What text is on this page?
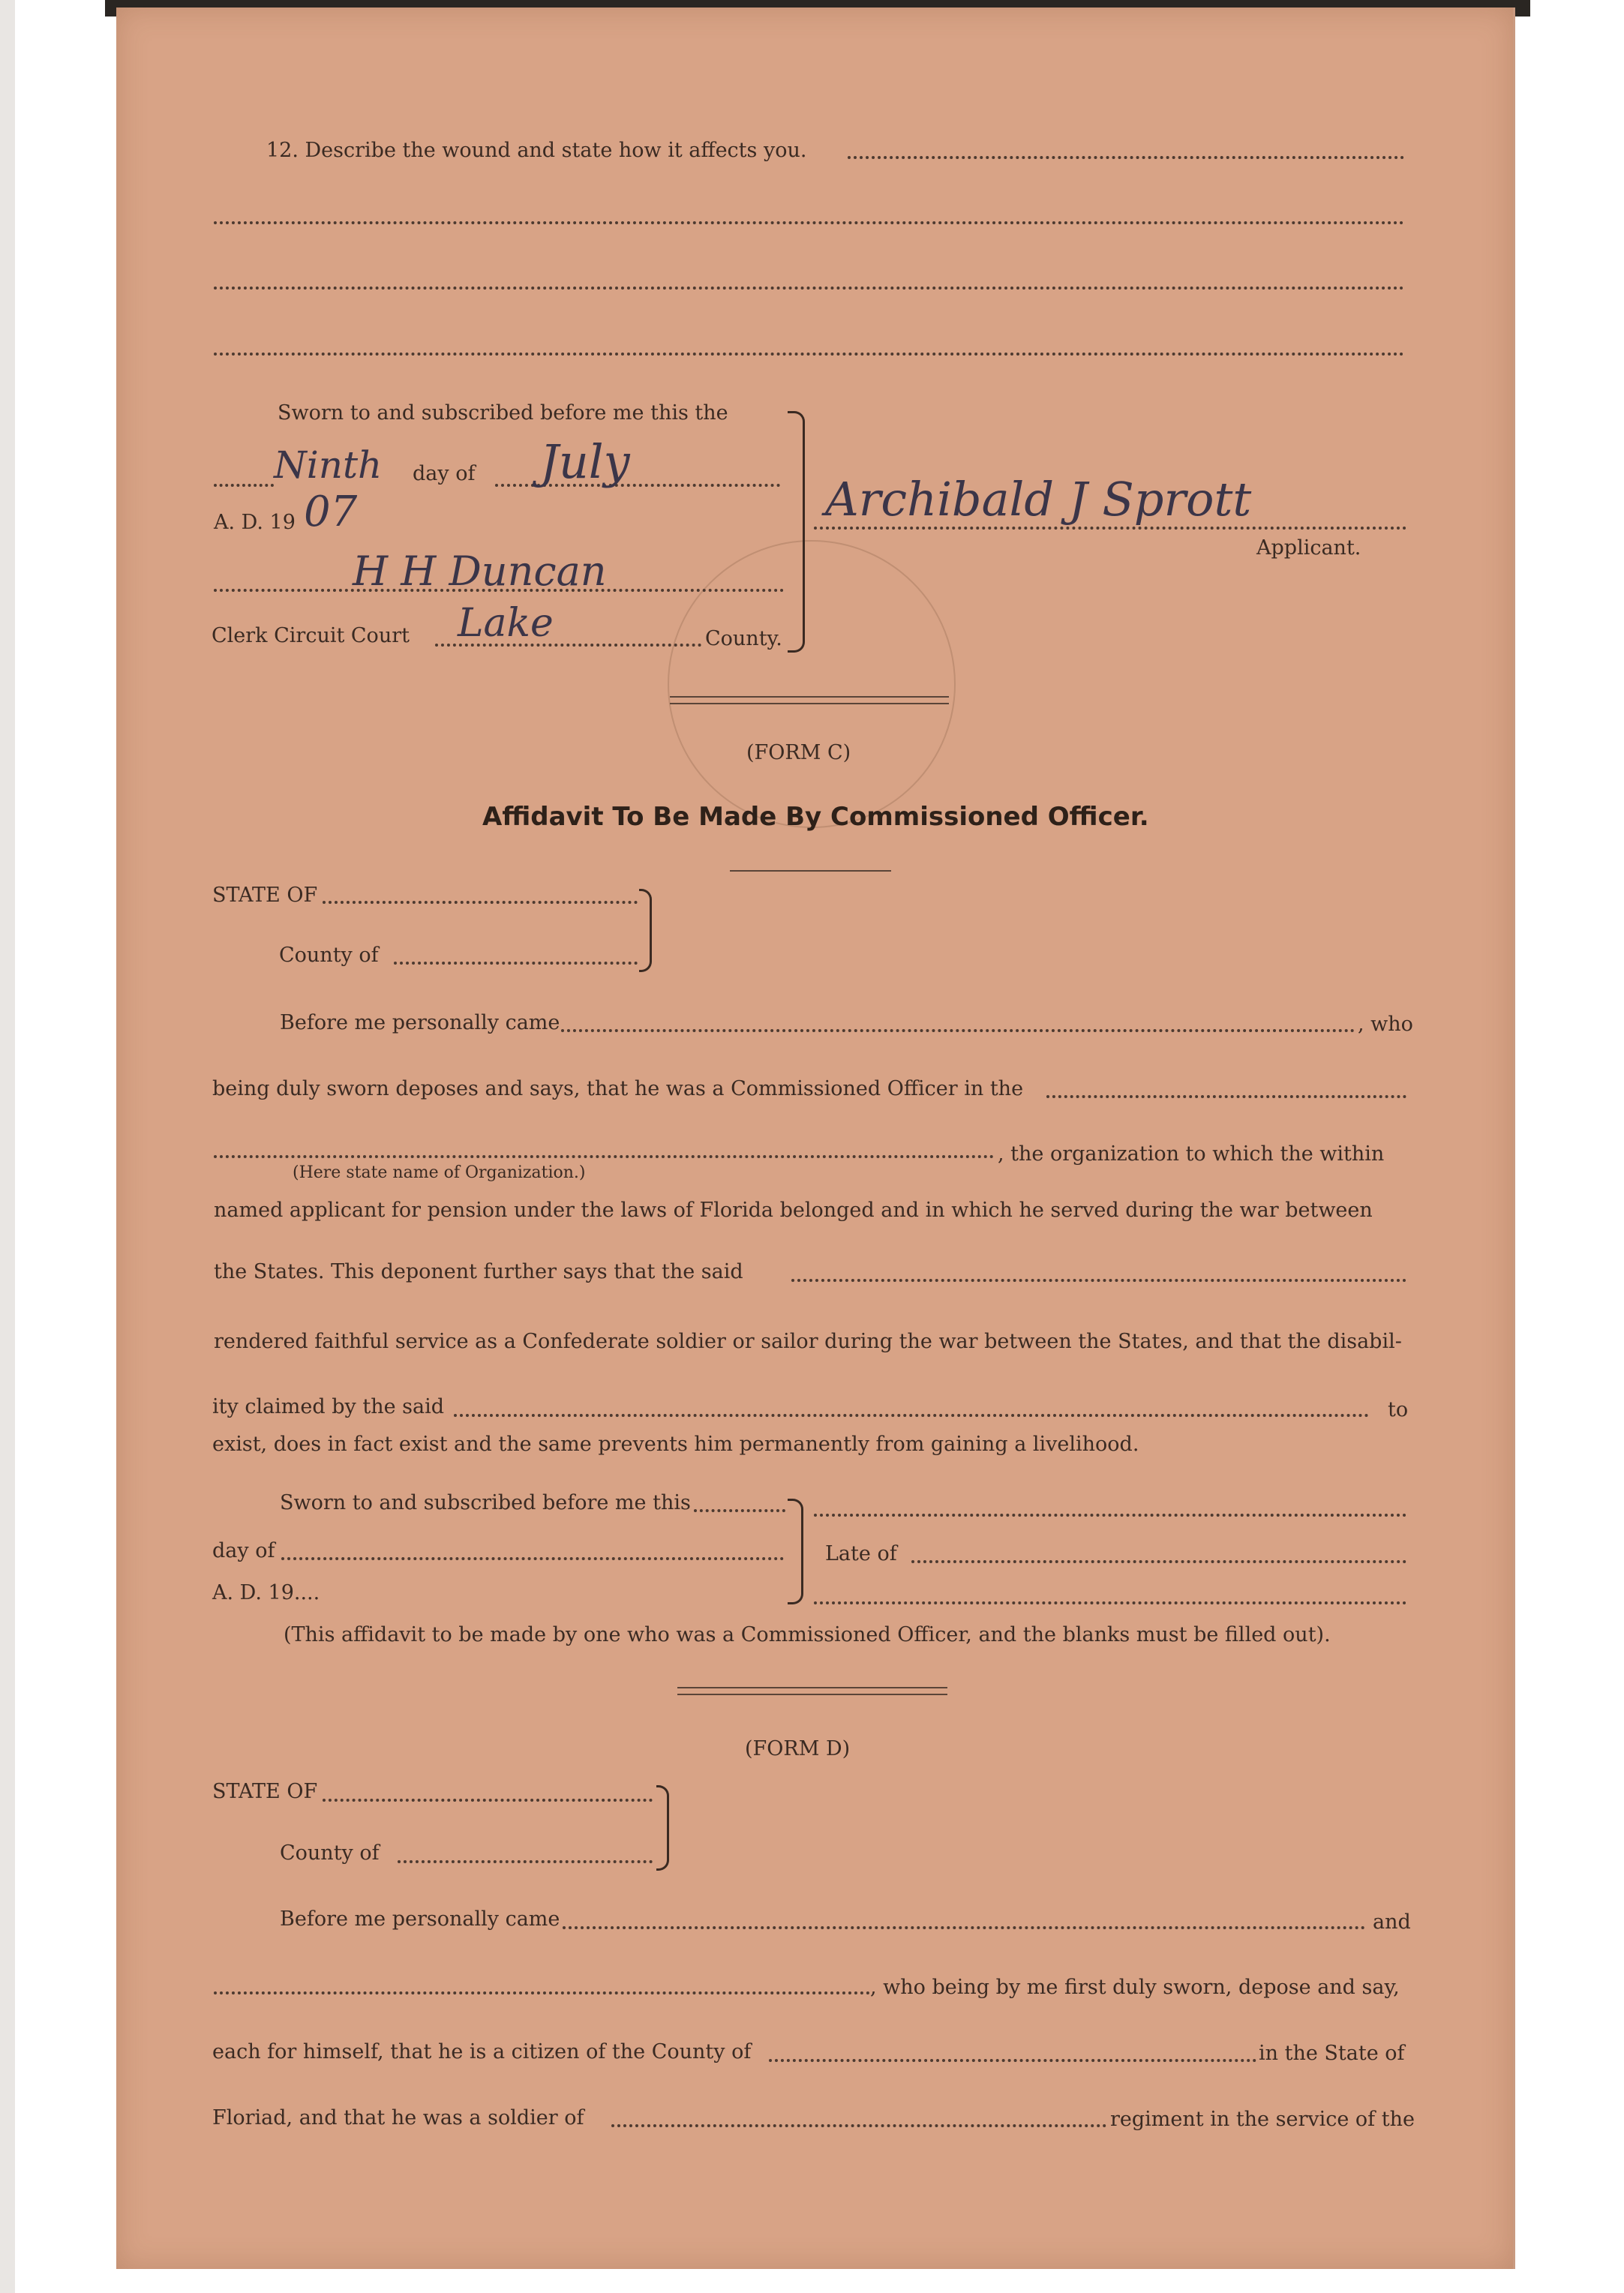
12. Describe the wound and state how it affects you.
Sworn to and subscribed before me this the
Ninth day of July
A. D. 19 07
H H Duncan
Clerk Circuit Court Lake	County.
Archibald J Sprott
Applicant.
(FORM C)
Affidavit To Be Made By Commissioned Officer.
STATE OF
County of
Before me personally came	, who
being duly sworn deposes and says, that he was a Commissioned Officer in the
, the organization to which the within
(Here state name of Organization.)
named applicant for pension under the laws of Florida belonged and in which he served during the war between
the States. This deponent further says that the said
rendered faithful service as a Confederate soldier or sailor during the war between the States, and that the disabil-
ity claimed by the said	to
exist, does in fact exist and the same prevents him permanently from gaining a livelihood.
Sworn to and subscribed before me this
day of
A. D. 19....
Late of
(This affidavit to be made by one who was a Commissioned Officer, and the blanks must be filled out).
(FORM D)
STATE OF
County of
Before me personally came	and
, who being by me first duly sworn, depose and say,
each for himself, that he is a citizen of the County of	in the State of
Floriad, and that he was a soldier of	regiment in the service of the
